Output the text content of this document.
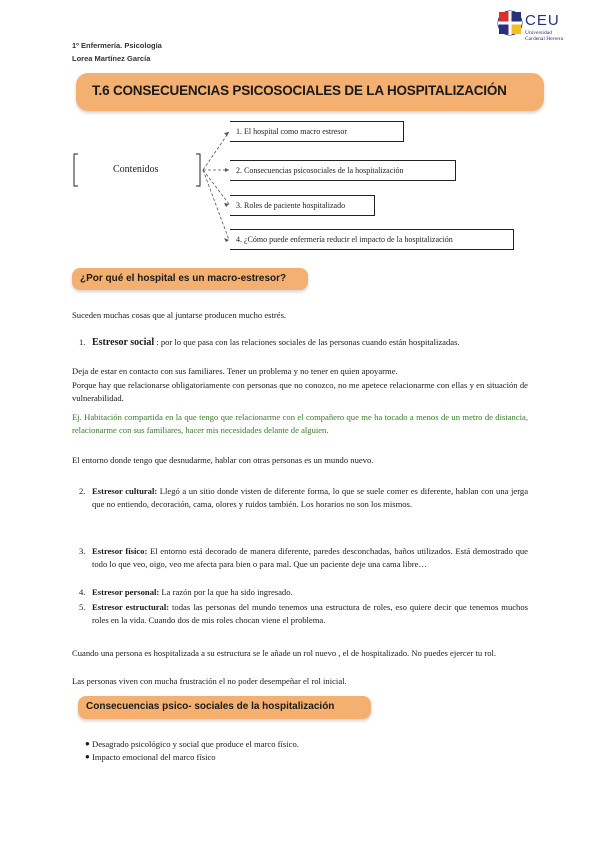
CEU
Universidad
Cardenal Herrera
1º Enfermería. Psicología
Lorea Martínez García
T.6 CONSECUENCIAS PSICOSOCIALES DE LA HOSPITALIZACIÓN
Contenidos
1. El hospital como macro estresor
2. Consecuencias psicosociales de la hospitalización
3. Roles de paciente hospitalizado
4. ¿Cómo puede enfermería reducir el impacto de la hospitalización
¿Por qué el hospital es un macro-estresor?
Suceden muchas cosas que al juntarse producen mucho estrés.
1. Estresor social : por lo que pasa con las relaciones sociales de las personas cuando están hospitalizadas.
Deja de estar en contacto con sus familiares. Tener un problema y no tener en quien apoyarme.
Porque hay que relacionarse obligatoriamente con personas que no conozco, no me apetece relacionarme con ellas y en situación de vulnerabilidad.
Ej. Habitación compartida en la que tengo que relacionarme con el compañero que me ha tocado a menos de un metro de distancia, relacionarme con sus familiares, hacer mis necesidades delante de alguien.
El entorno donde tengo que desnudarme, hablar con otras personas es un mundo nuevo.
2. Estresor cultural: Llegó a un sitio donde visten de diferente forma, lo que se suele comer es diferente, hablan con una jerga que no entiendo, decoración, cama, olores y ruidos también. Los horarios no son los mismos.
3. Estresor físico: El entorno está decorado de manera diferente, paredes desconchadas, baños utilizados. Está demostrado que todo lo que veo, oigo, veo me afecta para bien o para mal. Que un paciente deje una cama libre…
4. Estresor personal: La razón por la que ha sido ingresado.
5. Estresor estructural: todas las personas del mundo tenemos una estructura de roles, eso quiere decir que tenemos muchos roles en la vida. Cuando dos de mis roles chocan viene el problema.
Cuando una persona es hospitalizada a su estructura se le añade un rol nuevo , el de hospitalizado. No puedes ejercer tu rol.
Las personas viven con mucha frustración el no poder desempeñar el rol inicial.
Consecuencias psico- sociales de la hospitalización
● Desagrado psicológico y social que produce el marco físico.
● Impacto emocional del marco físico
